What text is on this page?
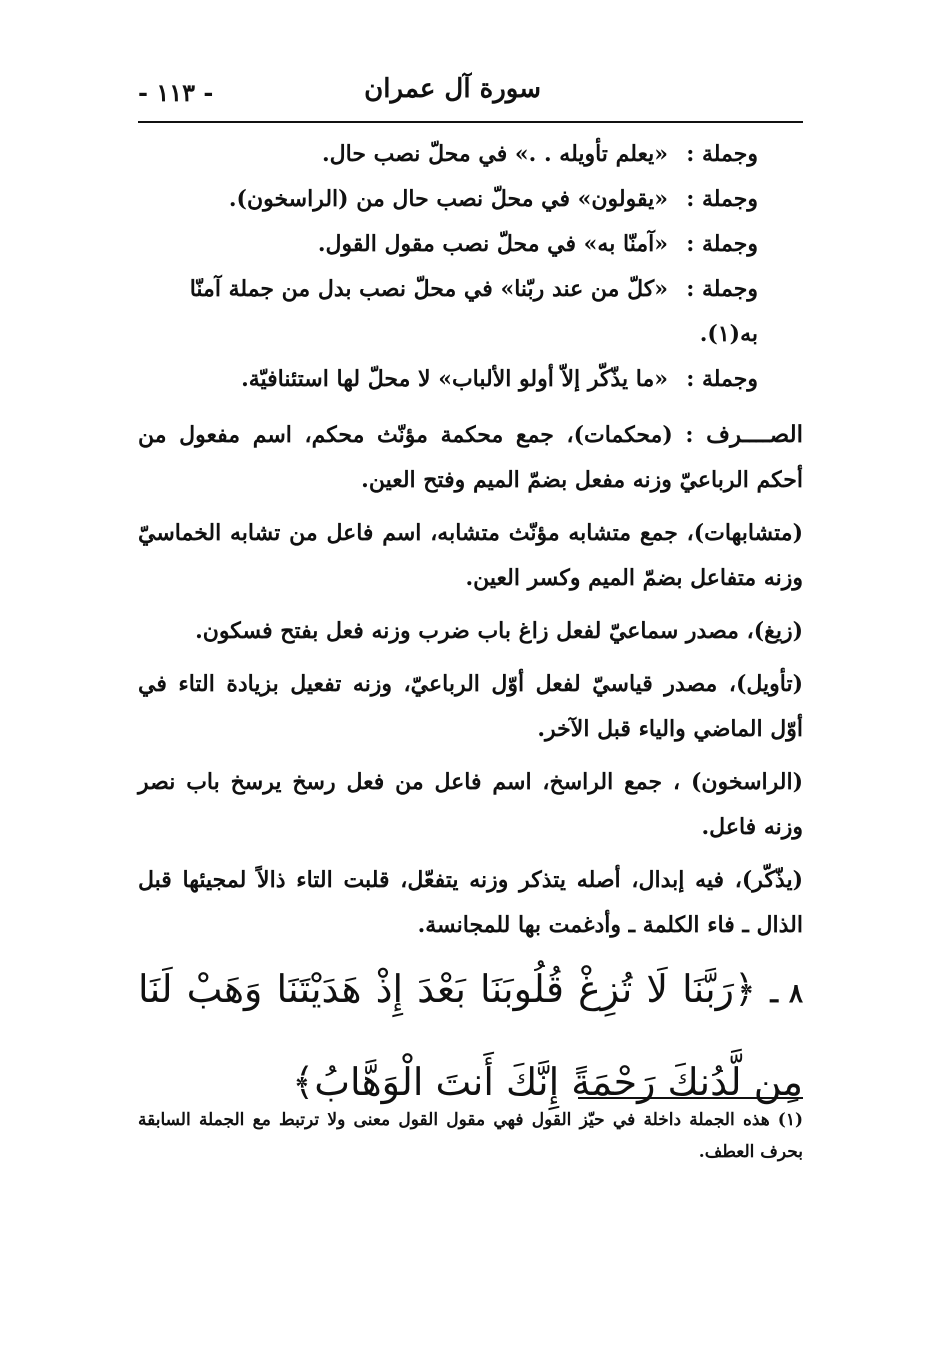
سورة آل عمران
- ١١٣ -

وجملة :«يعلم تأويله . .» في محلّ نصب حال.

وجملة :«يقولون» في محلّ نصب حال من (الراسخون).

وجملة :«آمنّا به» في محلّ نصب مقول القول.

وجملة :«كلّ من عند ربّنا» في محلّ نصب بدل من جملة آمنّا به(١).

وجملة :«ما يذّكّر إلاّ أولو الألباب» لا محلّ لها استئنافيّة.

الصــــرف : (محكمات)، جمع محكمة مؤنّث محكم، اسم مفعول من أحكم الرباعيّ وزنه مفعل بضمّ الميم وفتح العين.

(متشابهات)، جمع متشابه مؤنّث متشابه، اسم فاعل من تشابه الخماسيّ وزنه متفاعل بضمّ الميم وكسر العين.

(زيغ)، مصدر سماعيّ لفعل زاغ باب ضرب وزنه فعل بفتح فسكون.

(تأويل)، مصدر قياسيّ لفعل أوّل الرباعيّ، وزنه تفعيل بزيادة التاء في أوّل الماضي والياء قبل الآخر.

(الراسخون) ، جمع الراسخ، اسم فاعل من فعل رسخ يرسخ باب نصر وزنه فاعل.

(يذّكّر)، فيه إبدال، أصله يتذكر وزنه يتفعّل، قلبت التاء ذالاً لمجيئها قبل الذال ـ فاء الكلمة ـ وأدغمت بها للمجانسة.

٨ ـ ﴿رَبَّنَا لَا تُزِغْ قُلُوبَنَا بَعْدَ إِذْ هَدَيْتَنَا وَهَبْ لَنَا مِن لَّدُنكَ رَحْمَةً إِنَّكَ أَنتَ الْوَهَّابُ﴾
(١)هذه الجملة داخلة في حيّز القول فهي مقول القول معنى ولا ترتبط مع الجملة السابقة بحرف العطف.
